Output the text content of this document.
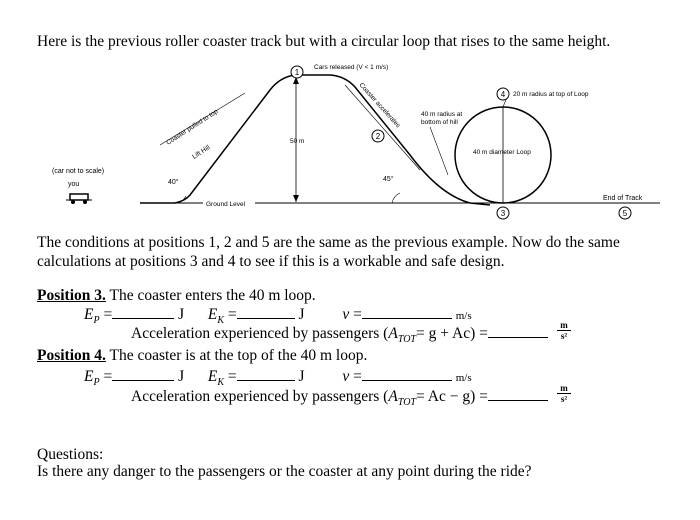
Here is the previous roller coaster track but with a circular loop that rises to the same height.
Cars released (V < 1 m/s)
Coaster pulled to top
Lift Hill
Coaster accelerates
50 m
40 m radius at
bottom of hill
20 m radius at top of Loop
40 m diameter Loop
(car not to scale)
you	40°	45°
Ground Level
End of Track
1
2
3
4
5
The conditions at positions 1, 2 and 5 are the same as the previous example. Now do the same
calculations at positions 3 and 4 to see if this is a workable and safe design.
Position 3. The coaster enters the 40 m loop.
$E_P$ =	J $E_K$ =	J v =	m/s
Acceleration experienced by passengers $(A_{TOT}= g + Ac)$ =	$\frac{m}{\text{s²}}$
Position 4. The coaster is at the top of the 40 m loop.
$E_P$ =	J $E_K$ =	J v =	m/s
Acceleration experienced by passengers $(A_{TOT}= Ac - g)$ =	$\frac{m}{\text{s²}}$
Questions:
Is there any danger to the passengers or the coaster at any point during the ride?
